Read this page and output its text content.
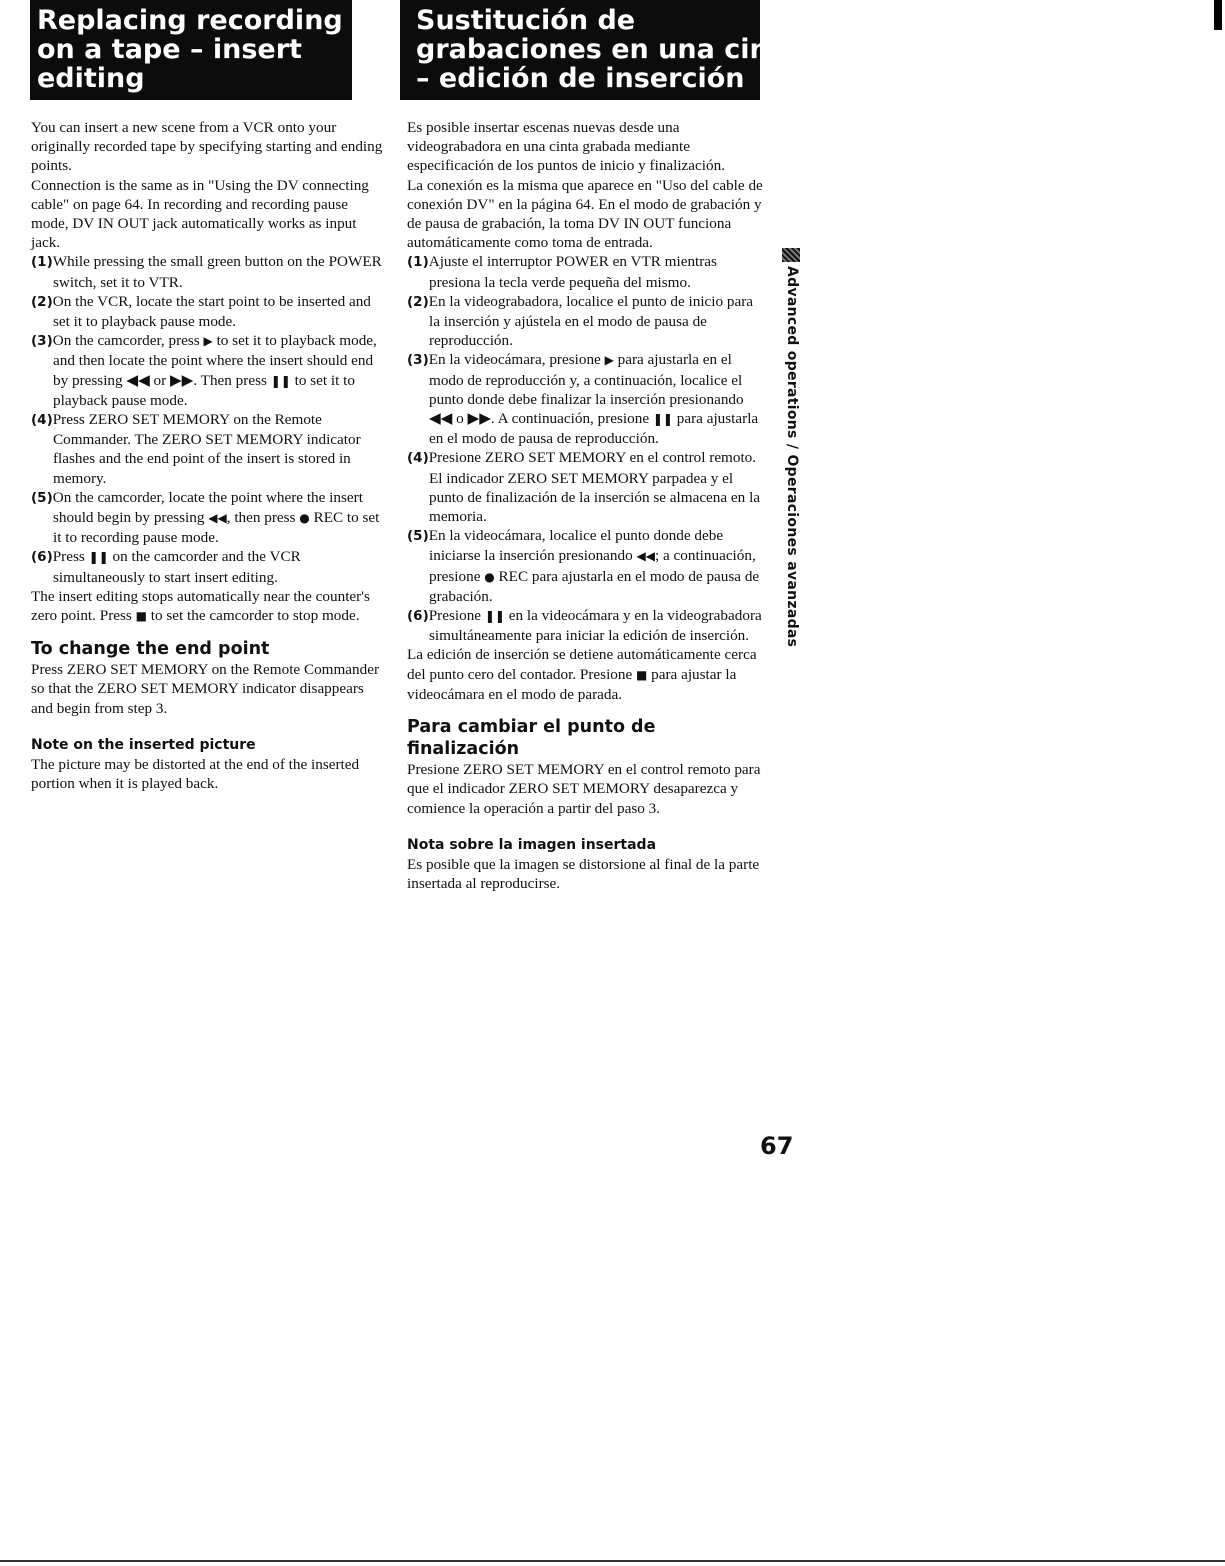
Replacing recording
on a tape – insert
editing
Sustitución de
grabaciones en una cinta
– edición de inserción

You can insert a new scene from a VCR onto your originally recorded tape by specifying starting and ending points.

Connection is the same as in "Using the DV connecting cable" on page 64. In recording and recording pause mode, DV IN OUT jack automatically works as input jack.

(1)While pressing the small green button on the POWER switch, set it to VTR.

(2)On the VCR, locate the start point to be inserted and set it to playback pause mode.

(3)On the camcorder, press ▶ to set it to playback mode, and then locate the point where the insert should end by pressing ◀◀ or ▶▶. Then press ❚❚ to set it to playback pause mode.

(4)Press ZERO SET MEMORY on the Remote Commander. The ZERO SET MEMORY indicator flashes and the end point of the insert is stored in memory.

(5)On the camcorder, locate the point where the insert should begin by pressing ◀◀, then press ● REC to set it to recording pause mode.

(6)Press ❚❚ on the camcorder and the VCR simultaneously to start insert editing.

The insert editing stops automatically near the counter's zero point. Press ■ to set the camcorder to stop mode.

To change the end point

Press ZERO SET MEMORY on the Remote Commander so that the ZERO SET MEMORY indicator disappears and begin from step 3.

Note on the inserted picture

The picture may be distorted at the end of the inserted portion when it is played back.

Es posible insertar escenas nuevas desde una videograbadora en una cinta grabada mediante especificación de los puntos de inicio y finalización.

La conexión es la misma que aparece en "Uso del cable de conexión DV" en la página 64. En el modo de grabación y de pausa de grabación, la toma DV IN OUT funciona automáticamente como toma de entrada.

(1)Ajuste el interruptor POWER en VTR mientras presiona la tecla verde pequeña del mismo.

(2)En la videograbadora, localice el punto de inicio para la inserción y ajústela en el modo de pausa de reproducción.

(3)En la videocámara, presione ▶ para ajustarla en el modo de reproducción y, a continuación, localice el punto donde debe finalizar la inserción presionando ◀◀ o ▶▶. A continuación, presione ❚❚ para ajustarla en el modo de pausa de reproducción.

(4)Presione ZERO SET MEMORY en el control remoto. El indicador ZERO SET MEMORY parpadea y el punto de finalización de la inserción se almacena en la memoria.

(5)En la videocámara, localice el punto donde debe iniciarse la inserción presionando ◀◀; a continuación, presione ● REC para ajustarla en el modo de pausa de grabación.

(6)Presione ❚❚ en la videocámara y en la videograbadora simultáneamente para iniciar la edición de inserción.

La edición de inserción se detiene automáticamente cerca del punto cero del contador. Presione ■ para ajustar la videocámara en el modo de parada.

Para cambiar el punto de finalización

Presione ZERO SET MEMORY en el control remoto para que el indicador ZERO SET MEMORY desaparezca y comience la operación a partir del paso 3.

Nota sobre la imagen insertada

Es posible que la imagen se distorsione al final de la parte insertada al reproducirse.

Advanced operations / Operaciones avanzadas
67
